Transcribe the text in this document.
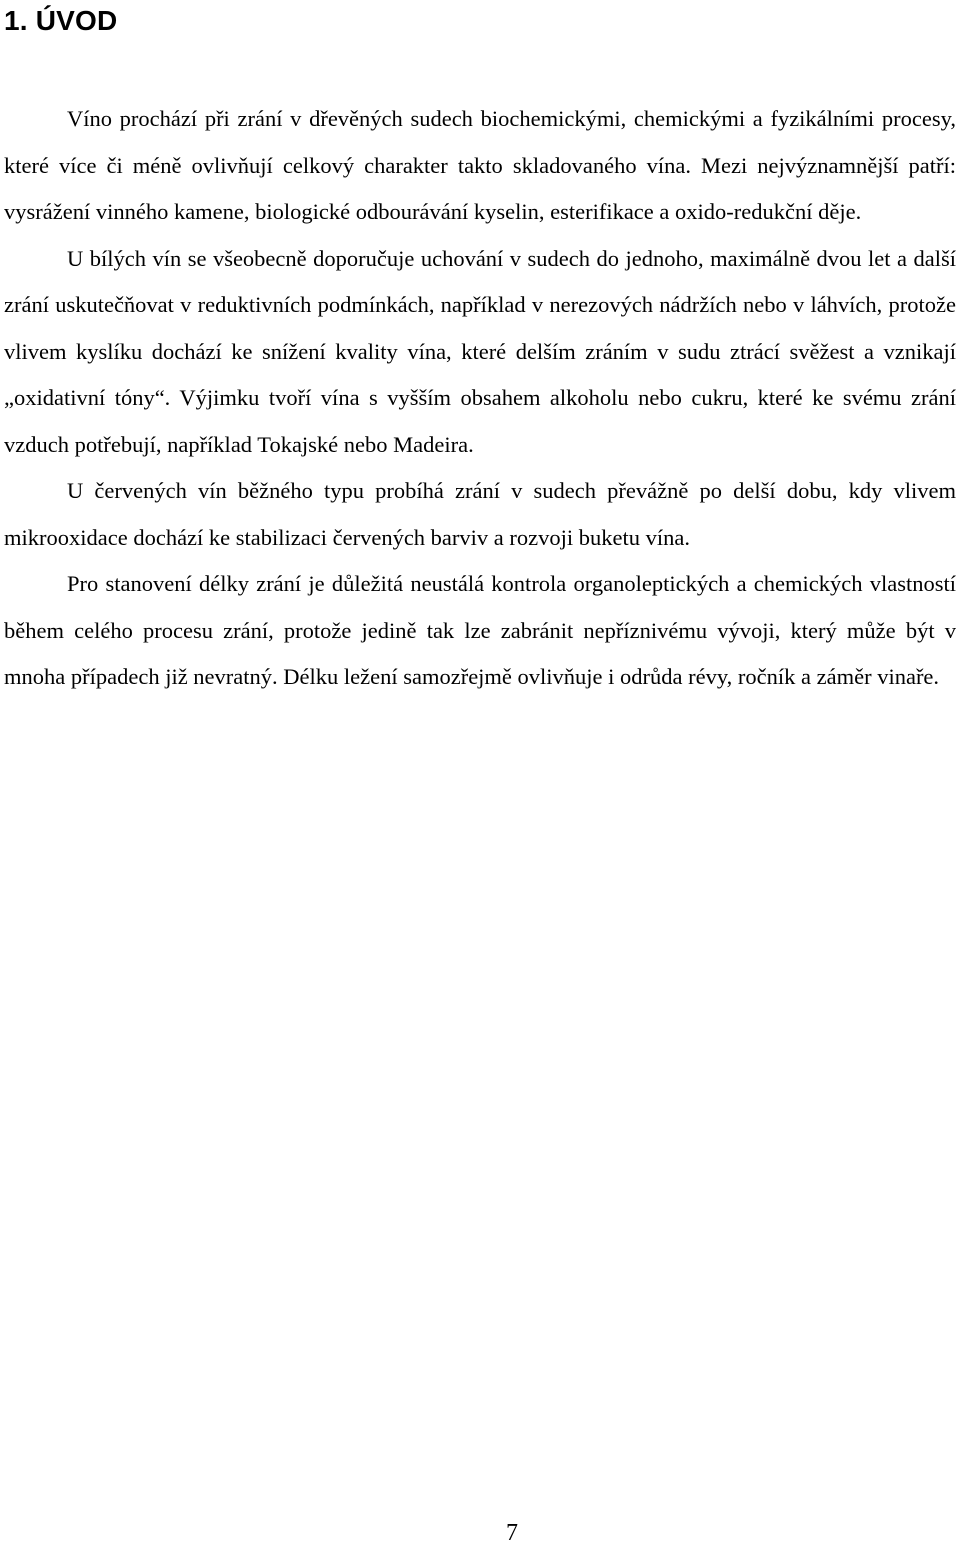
1. ÚVOD

Víno prochází při zrání v dřevěných sudech biochemickými, chemickými a fyzikálními procesy, které více či méně ovlivňují celkový charakter takto skladovaného vína. Mezi nejvýznamnější patří: vysrážení vinného kamene, biologické odbourávání kyselin, esterifikace a oxido-redukční děje.

U bílých vín se všeobecně doporučuje uchování v sudech do jednoho, maximálně dvou let a další zrání uskutečňovat v reduktivních podmínkách, například v nerezových nádržích nebo v láhvích, protože vlivem kyslíku dochází ke snížení kvality vína, které delším zráním v sudu ztrácí svěžest a vznikají „oxidativní tóny“. Výjimku tvoří vína s vyšším obsahem alkoholu nebo cukru, které ke svému zrání vzduch potřebují, například Tokajské nebo Madeira.

U červených vín běžného typu probíhá zrání v sudech převážně po delší dobu, kdy vlivem mikrooxidace dochází ke stabilizaci červených barviv a rozvoji buketu vína.

Pro stanovení délky zrání je důležitá neustálá kontrola organoleptických a chemických vlastností během celého procesu zrání, protože jedině tak lze zabránit nepříznivému vývoji, který může být v mnoha případech již nevratný. Délku ležení samozřejmě ovlivňuje i odrůda révy, ročník a záměr vinaře.

7
